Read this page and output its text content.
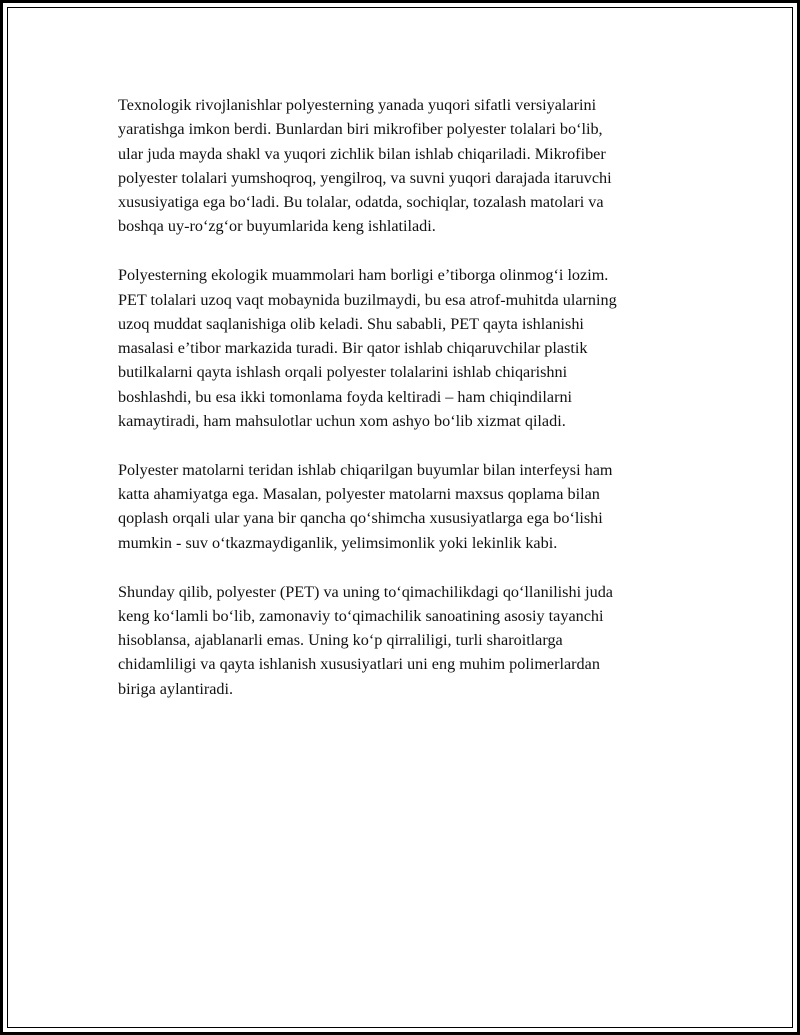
Texnologik rivojlanishlar polyesterning yanada yuqori sifatli versiyalarini
yaratishga imkon berdi. Bunlardan biri mikrofiber polyester tolalari bo‘lib,
ular juda mayda shakl va yuqori zichlik bilan ishlab chiqariladi. Mikrofiber
polyester tolalari yumshoqroq, yengilroq, va suvni yuqori darajada itaruvchi
xususiyatiga ega bo‘ladi. Bu tolalar, odatda, sochiqlar, tozalash matolari va
boshqa uy-ro‘zg‘or buyumlarida keng ishlatiladi.

Polyesterning ekologik muammolari ham borligi e’tiborga olinmog‘i lozim.
PET tolalari uzoq vaqt mobaynida buzilmaydi, bu esa atrof-muhitda ularning
uzoq muddat saqlanishiga olib keladi. Shu sababli, PET qayta ishlanishi
masalasi e’tibor markazida turadi. Bir qator ishlab chiqaruvchilar plastik
butilkalarni qayta ishlash orqali polyester tolalarini ishlab chiqarishni
boshlashdi, bu esa ikki tomonlama foyda keltiradi – ham chiqindilarni
kamaytiradi, ham mahsulotlar uchun xom ashyo bo‘lib xizmat qiladi.

Polyester matolarni teridan ishlab chiqarilgan buyumlar bilan interfeysi ham
katta ahamiyatga ega. Masalan, polyester matolarni maxsus qoplama bilan
qoplash orqali ular yana bir qancha qo‘shimcha xususiyatlarga ega bo‘lishi
mumkin - suv o‘tkazmaydiganlik, yelimsimonlik yoki lekinlik kabi.

Shunday qilib, polyester (PET) va uning to‘qimachilikdagi qo‘llanilishi juda
keng ko‘lamli bo‘lib, zamonaviy to‘qimachilik sanoatining asosiy tayanchi
hisoblansa, ajablanarli emas. Uning ko‘p qirraliligi, turli sharoitlarga
chidamliligi va qayta ishlanish xususiyatlari uni eng muhim polimerlardan
biriga aylantiradi.
